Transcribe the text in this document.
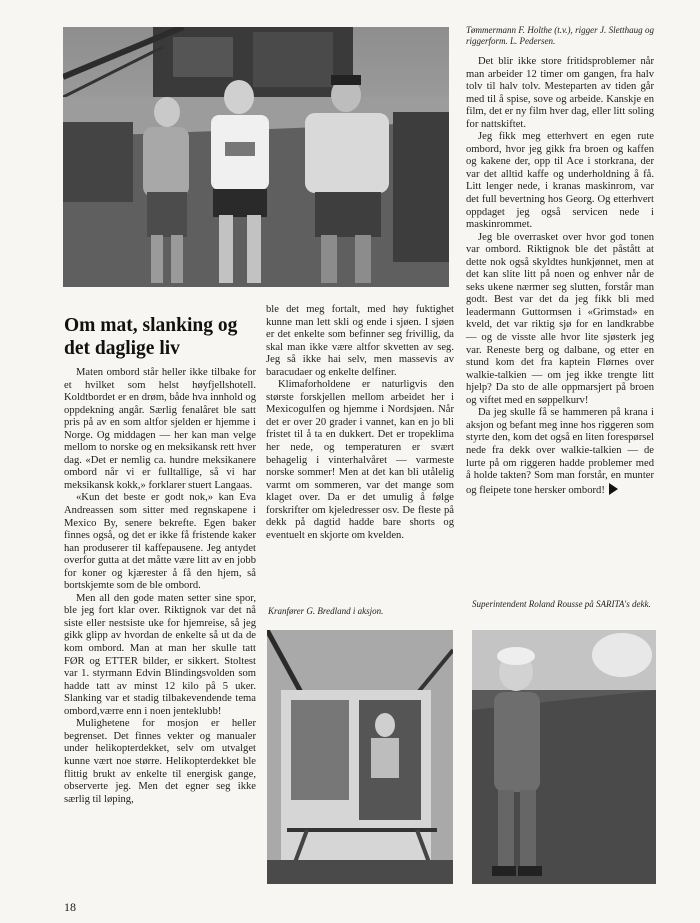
Tømmermann F. Holthe (t.v.), rigger J. Sletthaug og riggerform. L. Pedersen.
Om mat, slanking og det daglige liv

Maten ombord står heller ikke tilbake for et hvilket som helst høyfjellshotell. Koldtbordet er en drøm, både hva innhold og oppdekning angår. Særlig fenalåret ble satt pris på av en som altfor sjelden er hjemme i Norge. Og middagen — her kan man velge mellom to norske og en meksikansk rett hver dag. «Det er nemlig ca. hundre meksikanere ombord når vi er fulltallige, så vi har meksikansk kokk,» forklarer stuert Langaas.

«Kun det beste er godt nok,» kan Eva Andreassen som sitter med regnskapene i Mexico By, senere bekrefte. Egen baker finnes også, og det er ikke få fristende kaker han produserer til kaffepausene. Jeg antydet overfor gutta at det måtte være litt av en jobb for koner og kjærester å få den hjem, så bortskjemte som de ble ombord.

Men all den gode maten setter sine spor, ble jeg fort klar over. Riktignok var det nå siste eller nestsiste uke for hjemreise, så jeg gikk glipp av hvordan de enkelte så ut da de kom ombord. Man at man her skulle tatt FØR og ETTER bilder, er sikkert. Stoltest var 1. styrmann Edvin Blindingsvolden som hadde tatt av minst 12 kilo på 5 uker. Slanking var et stadig tilbakevendende tema ombord,værre enn i noen jenteklubb!

Mulighetene for mosjon er heller begrenset. Det finnes vekter og manualer under helikopterdekket, selv om utvalget kunne vært noe større. Helikopterdekket ble flittig brukt av enkelte til energisk gange, observerte jeg. Men det egner seg ikke særlig til løping,

ble det meg fortalt, med høy fuktighet kunne man lett skli og ende i sjøen. I sjøen er det enkelte som befinner seg frivillig, da skal man ikke være altfor skvetten av seg. Jeg så ikke hai selv, men massevis av baracudaer og enkelte delfiner.

Klimaforholdene er naturligvis den største forskjellen mellom arbeidet her i Mexicogulfen og hjemme i Nordsjøen. Når det er over 20 grader i vannet, kan en jo bli fristet til å ta en dukkert. Det er tropeklima her nede, og temperaturen er svært behagelig i vinterhalvåret — varmeste norske sommer! Men at det kan bli utålelig varmt om sommeren, var det mange som klaget over. Da er det umulig å følge forskrifter om kjeledresser osv. De fleste på dekk på dagtid hadde bare shorts og eventuelt en skjorte om kvelden.

Det blir ikke store fritidsproblemer når man arbeider 12 timer om gangen, fra halv tolv til halv tolv. Mesteparten av tiden går med til å spise, sove og arbeide. Kanskje en film, det er ny film hver dag, eller litt soling for nattskiftet.

Jeg fikk meg etterhvert en egen rute ombord, hvor jeg gikk fra broen og kaffen og kakene der, opp til Ace i storkrana, der var det alltid kaffe og underholdning å få. Litt lenger nede, i kranas maskinrom, var det full bevertning hos Georg. Og etterhvert oppdaget jeg også servicen nede i maskinrommet.

Jeg ble overrasket over hvor god tonen var ombord. Riktignok ble det påstått at dette nok også skyldtes hunkjønnet, men at det kan slite litt på noen og enhver når de seks ukene nærmer seg slutten, forstår man godt. Best var det da jeg fikk bli med leadermann Guttormsen i «Grimstad» en kveld, det var riktig sjø for en landkrabbe — og de visste alle hvor lite sjøsterk jeg var. Reneste berg og dalbane, og etter en stund kom det fra kaptein Flørnes over walkie-talkien — om jeg ikke trengte litt hjelp? Da sto de alle oppmarsjert på broen og viftet med en søppelkurv!

Da jeg skulle få se hammeren på krana i aksjon og befant meg inne hos riggeren som styrte den, kom det også en liten forespørsel nede fra dekk over walkie-talkien — de lurte på om riggeren hadde problemer med å holde takten? Som man forstår, en munter og fleipete tone hersker ombord!

Kranfører G. Bredland i aksjon.
Superintendent Roland Rousse på SARITA's dekk.
18
